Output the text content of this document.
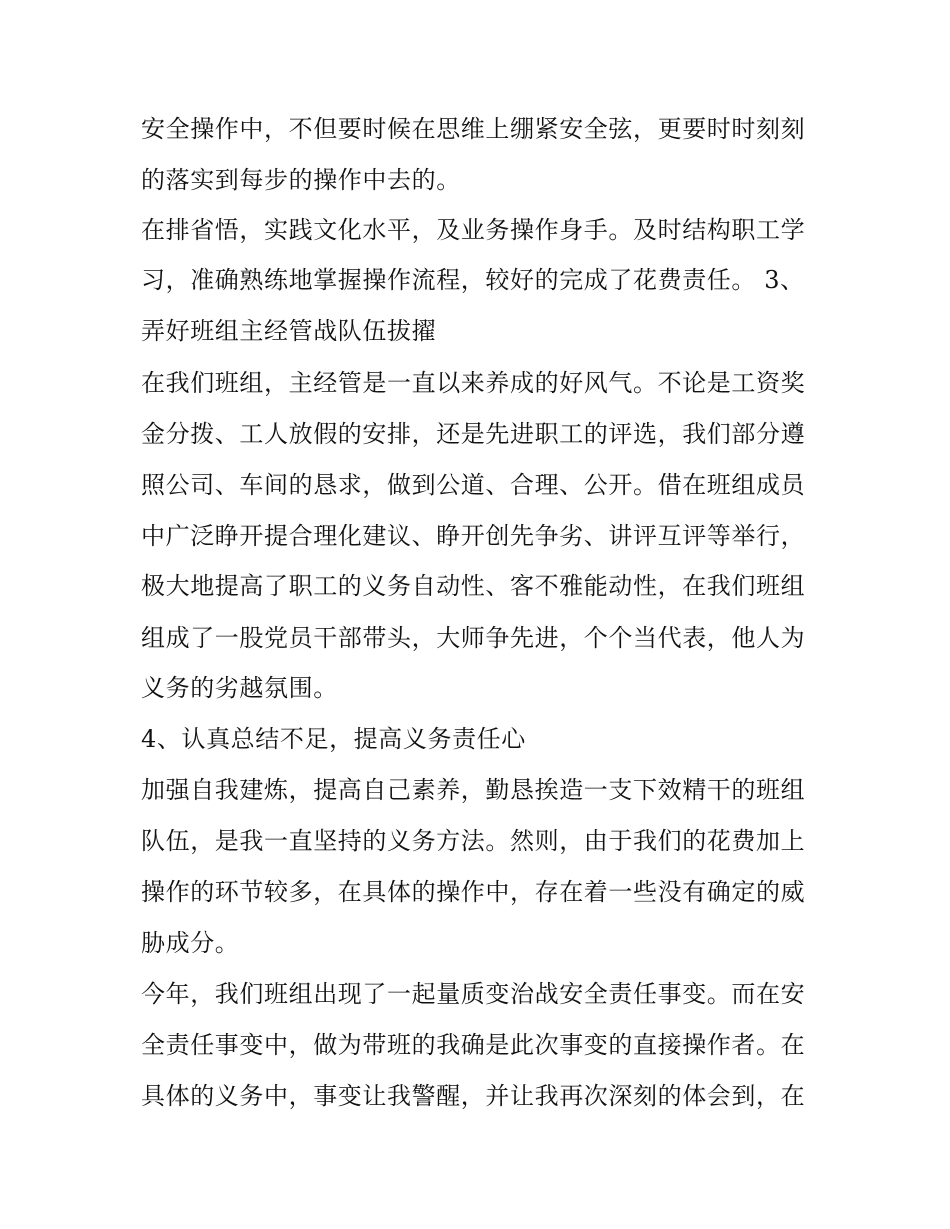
安全操作中，不但要时候在思维上绷紧安全弦，更要时时刻刻
的落实到每步的操作中去的。
在排省悟，实践文化水平，及业务操作身手。及时结构职工学
习，准确熟练地掌握操作流程，较好的完成了花费责任。 3、
弄好班组主经管战队伍拔擢
在我们班组，主经管是一直以来养成的好风气。不论是工资奖
金分拨、工人放假的安排，还是先进职工的评选，我们部分遵
照公司、车间的恳求，做到公道、合理、公开。借在班组成员
中广泛睁开提合理化建议、睁开创先争劣、讲评互评等举行，
极大地提高了职工的义务自动性、客不雅能动性，在我们班组
组成了一股党员干部带头，大师争先进，个个当代表，他人为
义务的劣越氛围。
4、认真总结不足，提高义务责任心
加强自我建炼，提高自己素养，勤恳挨造一支下效精干的班组
队伍，是我一直坚持的义务方法。然则，由于我们的花费加上
操作的环节较多，在具体的操作中，存在着一些没有确定的威
胁成分。
今年，我们班组出现了一起量质变治战安全责任事变。而在安
全责任事变中，做为带班的我确是此次事变的直接操作者。在
具体的义务中，事变让我警醒，并让我再次深刻的体会到，在
